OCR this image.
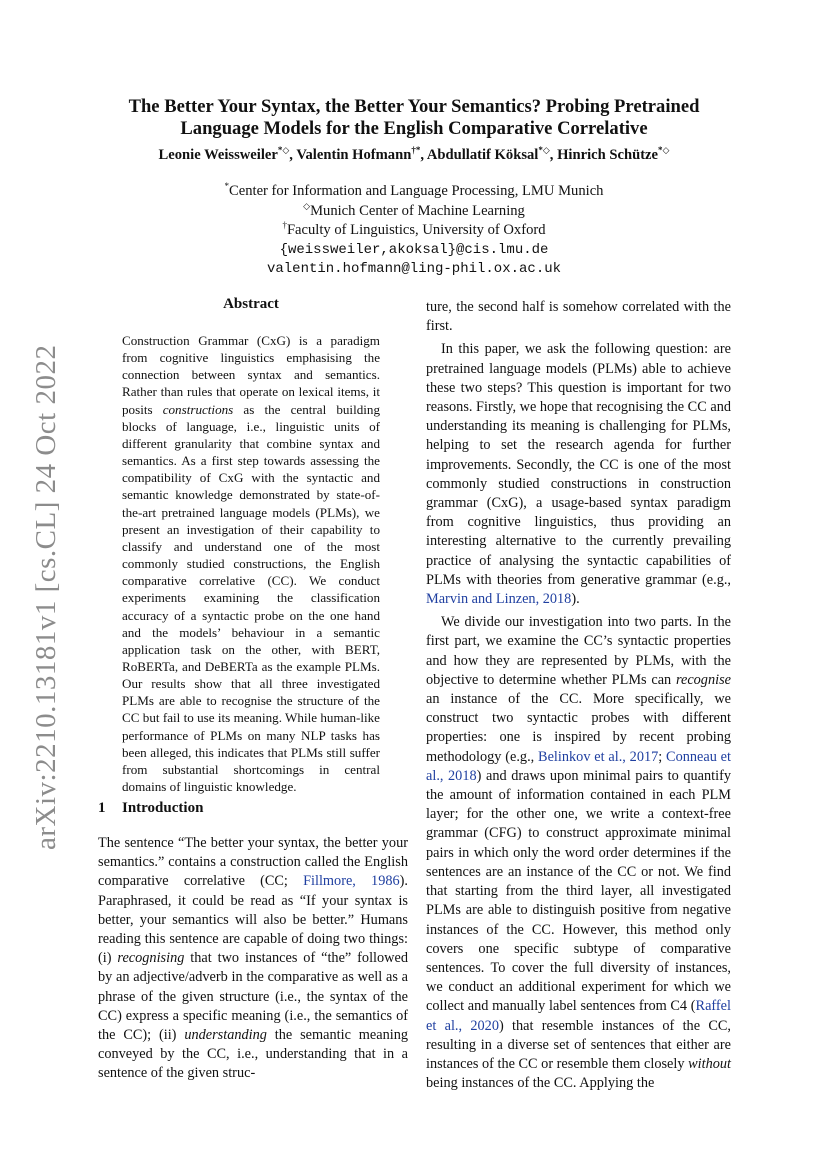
arXiv:2210.13181v1 [cs.CL] 24 Oct 2022
The Better Your Syntax, the Better Your Semantics? Probing Pretrained
Language Models for the English Comparative Correlative
Leonie Weissweiler*◇, Valentin Hofmann†*, Abdullatif Köksal*◇, Hinrich Schütze*◇
*Center for Information and Language Processing, LMU Munich
◇Munich Center of Machine Learning
†Faculty of Linguistics, University of Oxford
{weissweiler,akoksal}@cis.lmu.de
valentin.hofmann@ling-phil.ox.ac.uk
Abstract
Construction Grammar (CxG) is a paradigm from cognitive linguistics emphasising the connection between syntax and semantics. Rather than rules that operate on lexical items, it posits constructions as the central building blocks of language, i.e., linguistic units of different granularity that combine syntax and semantics. As a first step towards assessing the compatibility of CxG with the syntactic and semantic knowledge demonstrated by state-of-the-art pretrained language models (PLMs), we present an investigation of their capability to classify and understand one of the most commonly studied constructions, the English comparative correlative (CC). We conduct experiments examining the classification accuracy of a syntactic probe on the one hand and the models’ behaviour in a semantic application task on the other, with BERT, RoBERTa, and DeBERTa as the example PLMs. Our results show that all three investigated PLMs are able to recognise the structure of the CC but fail to use its meaning. While human-like performance of PLMs on many NLP tasks has been alleged, this indicates that PLMs still suffer from substantial shortcomings in central domains of linguistic knowledge.
1 Introduction

The sentence “The better your syntax, the better your semantics.” contains a construction called the English comparative correlative (CC; Fillmore, 1986). Paraphrased, it could be read as “If your syntax is better, your semantics will also be better.” Humans reading this sentence are capable of doing two things: (i) recognising that two instances of “the” followed by an adjective/adverb in the comparative as well as a phrase of the given structure (i.e., the syntax of the CC) express a specific meaning (i.e., the semantics of the CC); (ii) understanding the semantic meaning conveyed by the CC, i.e., understanding that in a sentence of the given struc-

ture, the second half is somehow correlated with the first.

In this paper, we ask the following question: are pretrained language models (PLMs) able to achieve these two steps? This question is important for two reasons. Firstly, we hope that recognising the CC and understanding its meaning is challenging for PLMs, helping to set the research agenda for further improvements. Secondly, the CC is one of the most commonly studied constructions in construction grammar (CxG), a usage-based syntax paradigm from cognitive linguistics, thus providing an interesting alternative to the currently prevailing practice of analysing the syntactic capabilities of PLMs with theories from generative grammar (e.g., Marvin and Linzen, 2018).

We divide our investigation into two parts. In the first part, we examine the CC’s syntactic properties and how they are represented by PLMs, with the objective to determine whether PLMs can recognise an instance of the CC. More specifically, we construct two syntactic probes with different properties: one is inspired by recent probing methodology (e.g., Belinkov et al., 2017; Conneau et al., 2018) and draws upon minimal pairs to quantify the amount of information contained in each PLM layer; for the other one, we write a context-free grammar (CFG) to construct approximate minimal pairs in which only the word order determines if the sentences are an instance of the CC or not. We find that starting from the third layer, all investigated PLMs are able to distinguish positive from negative instances of the CC. However, this method only covers one specific subtype of comparative sentences. To cover the full diversity of instances, we conduct an additional experiment for which we collect and manually label sentences from C4 (Raffel et al., 2020) that resemble instances of the CC, resulting in a diverse set of sentences that either are instances of the CC or resemble them closely without being instances of the CC. Applying the
